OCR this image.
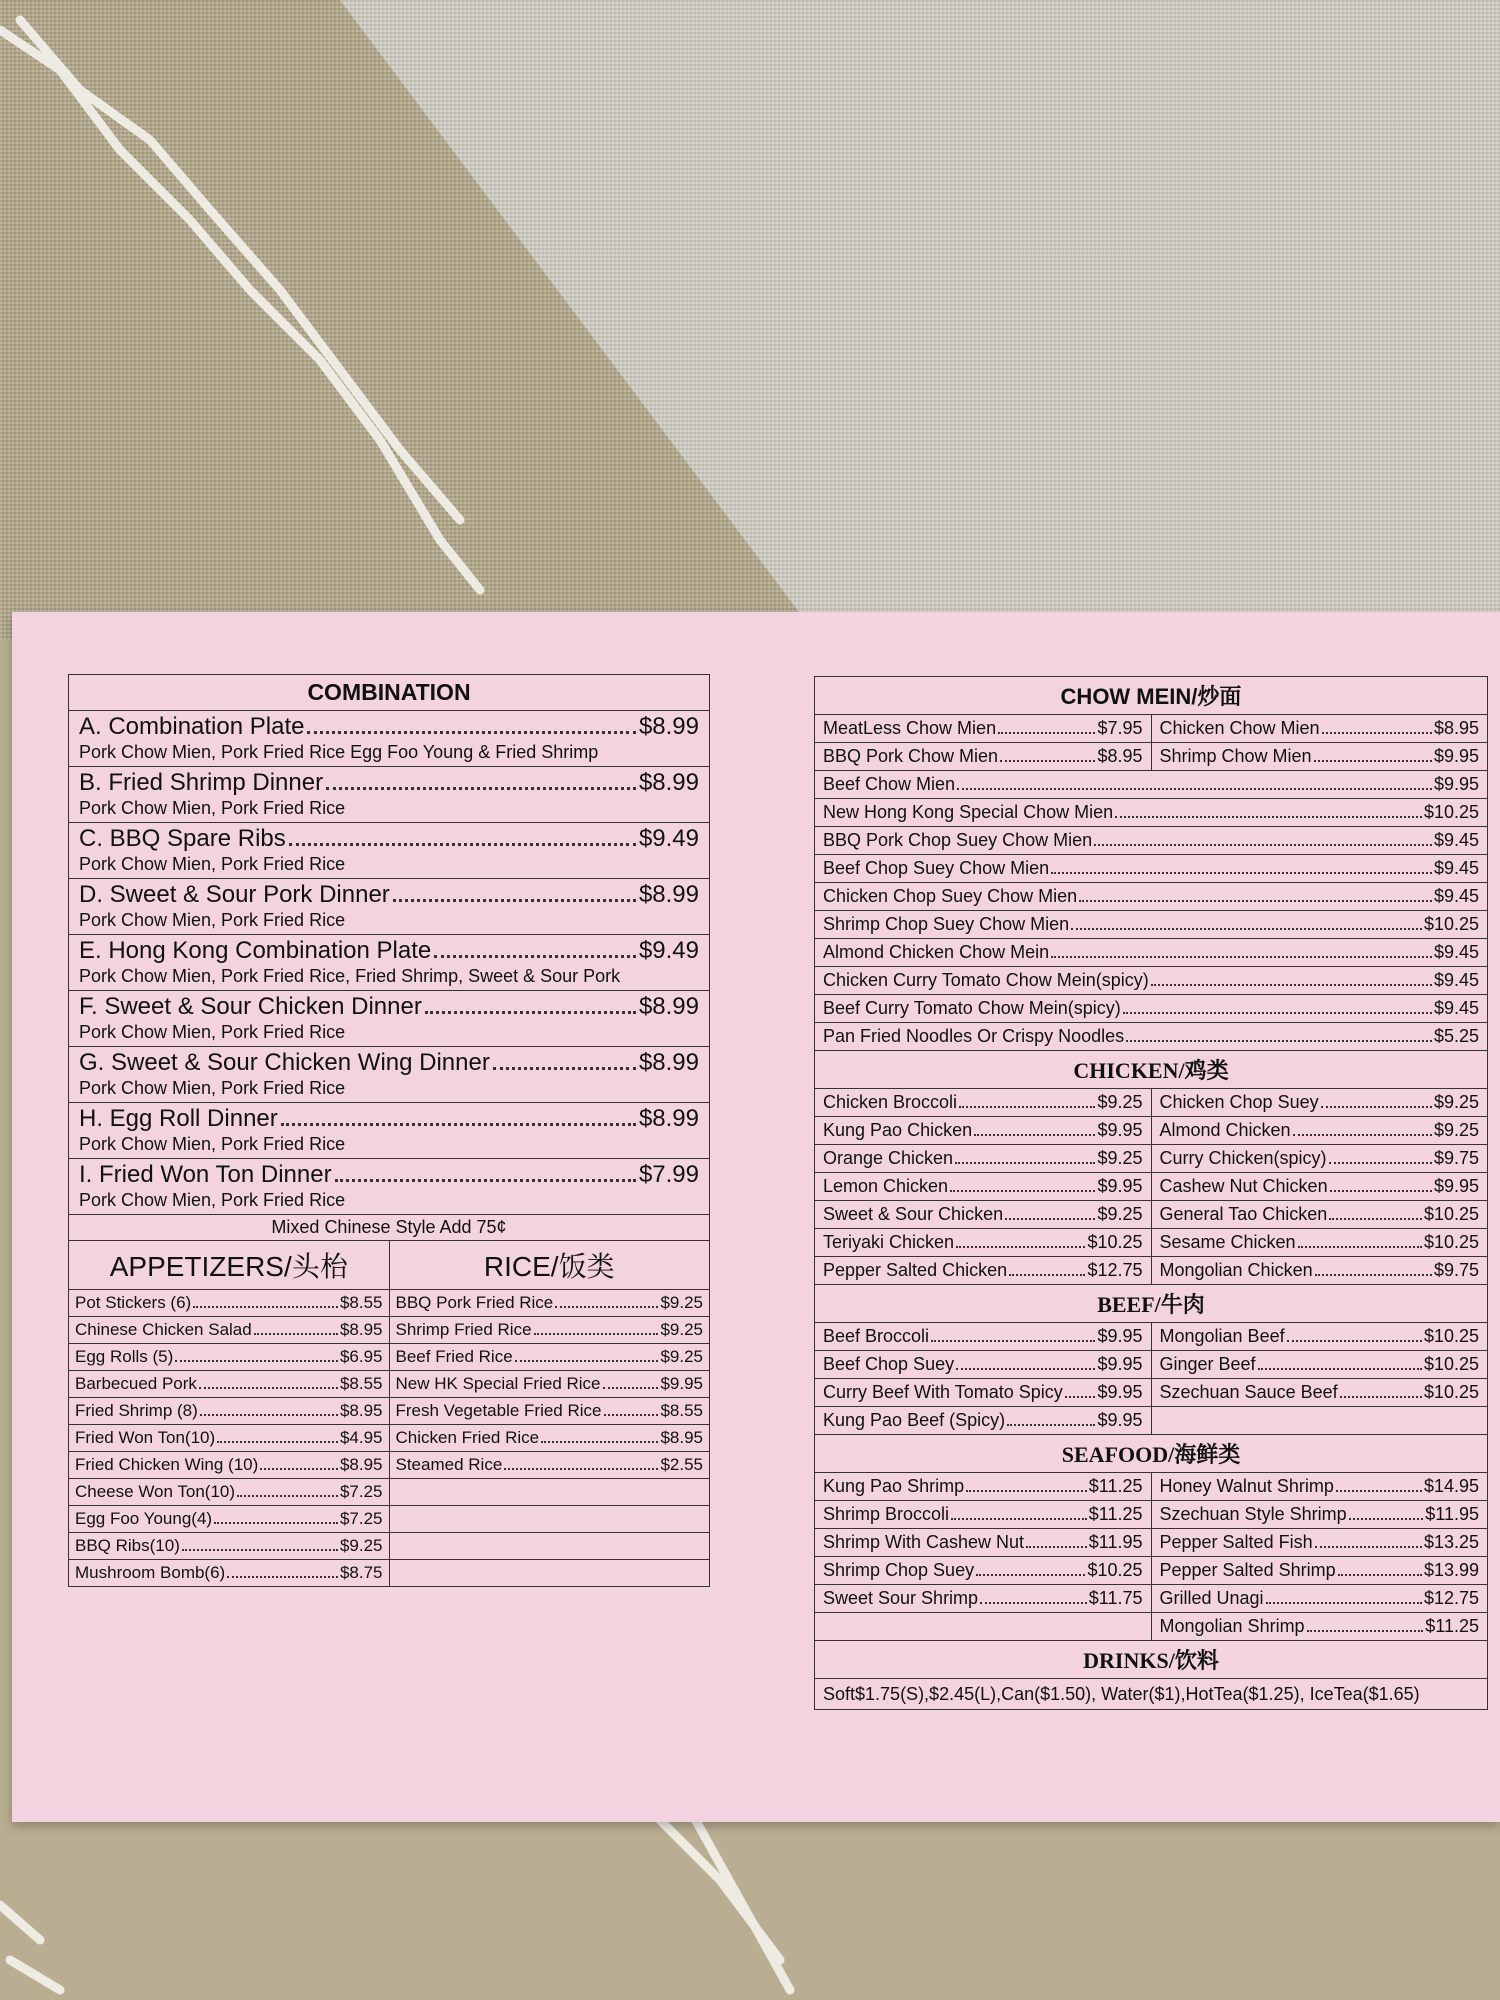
COMBINATION

A. Combination Plate	$8.99
Pork Chow Mien, Pork Fried Rice Egg Foo Young & Fried Shrimp

B. Fried Shrimp Dinner	$8.99
Pork Chow Mien, Pork Fried Rice

C. BBQ Spare Ribs	$9.49
Pork Chow Mien, Pork Fried Rice

D. Sweet & Sour Pork Dinner	$8.99
Pork Chow Mien, Pork Fried Rice

E. Hong Kong Combination Plate	$9.49
Pork Chow Mien, Pork Fried Rice, Fried Shrimp, Sweet & Sour Pork

F. Sweet & Sour Chicken Dinner	$8.99
Pork Chow Mien, Pork Fried Rice

G. Sweet & Sour Chicken Wing Dinner	$8.99
Pork Chow Mien, Pork Fried Rice

H. Egg Roll Dinner	$8.99
Pork Chow Mien, Pork Fried Rice

I. Fried Won Ton Dinner	$7.99
Pork Chow Mien, Pork Fried Rice

Mixed Chinese Style Add 75¢
APPETIZERS/头枱	RICE/饭类

Pot Stickers (6) $8.55	BBQ Pork Fried Rice $9.25

Chinese Chicken Salad $8.95	Shrimp Fried Rice $9.25

Egg Rolls (5) $6.95	Beef Fried Rice $9.25

Barbecued Pork $8.55	New HK Special Fried Rice $9.95

Fried Shrimp (8) $8.95	Fresh Vegetable Fried Rice $8.55

Fried Won Ton(10) $4.95	Chicken Fried Rice $8.95

Fried Chicken Wing (10) $8.95	Steamed Rice $2.55

Cheese Won Ton(10) $7.25	

Egg Foo Young(4) $7.25	

BBQ Ribs(10) $9.25	

Mushroom Bomb(6) $8.75	

CHOW MEIN/炒面	

MeatLess Chow Mien $7.95	Chicken Chow Mien $8.95

BBQ Pork Chow Mien $8.95	Shrimp Chow Mien $9.95

Beef Chow Mien $9.95	

New Hong Kong Special Chow Mien $10.25	

BBQ Pork Chop Suey Chow Mien $9.45	

Beef Chop Suey Chow Mien $9.45	

Chicken Chop Suey Chow Mien $9.45	

Shrimp Chop Suey Chow Mien $10.25	

Almond Chicken Chow Mein $9.45	

Chicken Curry Tomato Chow Mein(spicy) $9.45	

Beef Curry Tomato Chow Mein(spicy) $9.45	

Pan Fried Noodles Or Crispy Noodles $5.25	

CHICKEN/鸡类	

Chicken Broccoli $9.25	Chicken Chop Suey $9.25

Kung Pao Chicken $9.95	Almond Chicken $9.25

Orange Chicken $9.25	Curry Chicken(spicy) $9.75

Lemon Chicken $9.95	Cashew Nut Chicken $9.95

Sweet & Sour Chicken $9.25	General Tao Chicken $10.25

Teriyaki Chicken $10.25	Sesame Chicken $10.25

Pepper Salted Chicken $12.75	Mongolian Chicken $9.75

BEEF/牛肉	

Beef Broccoli $9.95	Mongolian Beef $10.25

Beef Chop Suey $9.95	Ginger Beef $10.25

Curry Beef With Tomato Spicy $9.95	Szechuan Sauce Beef $10.25

Kung Pao Beef (Spicy) $9.95	

SEAFOOD/海鲜类	

Kung Pao Shrimp $11.25	Honey Walnut Shrimp $14.95

Shrimp Broccoli $11.25	Szechuan Style Shrimp $11.95

Shrimp With Cashew Nut $11.95	Pepper Salted Fish $13.25

Shrimp Chop Suey $10.25	Pepper Salted Shrimp $13.99

Sweet Sour Shrimp $11.75	Grilled Unagi $12.75

	Mongolian Shrimp $11.25

DRINKS/饮料	
Soft$1.75(S),$2.45(L),Can($1.50), Water($1),HotTea($1.25), IceTea($1.65)	
